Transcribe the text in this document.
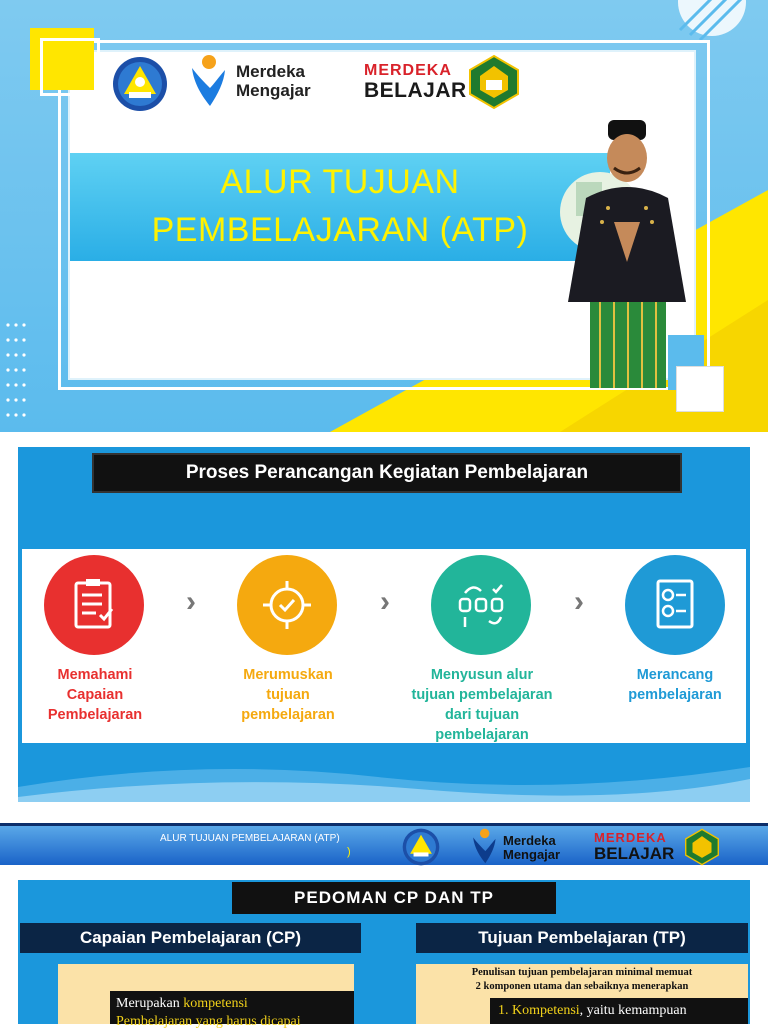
Merdeka
Mengajar
MERDEKA
BELAJAR
ALUR TUJUAN
PEMBELAJARAN (ATP)
Proses Perancangan Kegiatan Pembelajaran
Memahami
Capaian
Pembelajaran
›
Merumuskan
tujuan
pembelajaran
›
Menyusun alur
tujuan pembelajaran
dari tujuan
pembelajaran
›
Merancang
pembelajaran
ALUR TUJUAN PEMBELAJARAN (ATP)
)
Merdeka
Mengajar
MERDEKA
BELAJAR
PEDOMAN CP DAN TP
Capaian Pembelajaran (CP)	Tujuan Pembelajaran (TP)
Merupakan kompetensi
Pembelajaran yang harus dicapai
Penulisan tujuan pembelajaran minimal memuat
2 komponen utama dan sebaiknya menerapkan
1. Kompetensi, yaitu kemampuan
